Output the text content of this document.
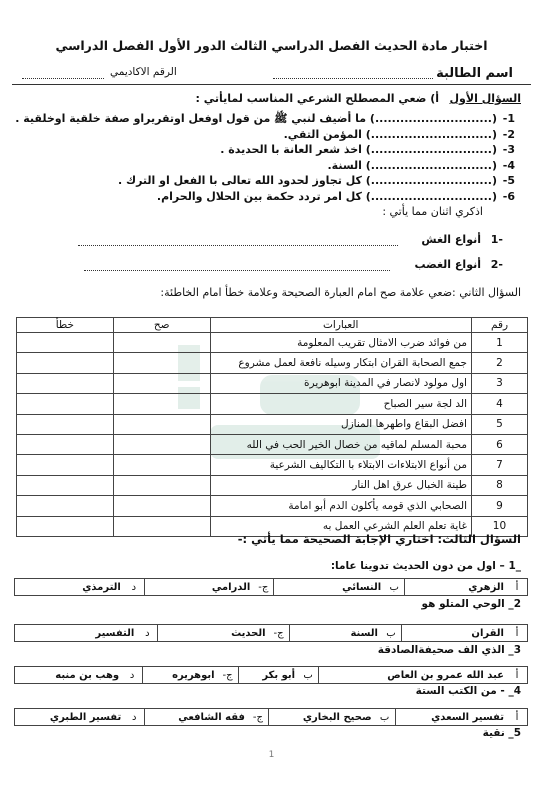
اختبار مادة الحديث الفصل الدراسي الثالث الدور الأول الفصل الدراسي
اسم الطالبة
الرقم الاكاديمي
السؤال الأول
أ) ضعي المصطلح الشرعي المناسب لمايأتي :
1-
(............................) ما أضيف لنبي ﷺ من قول اوفعل اوتقريراو صفة خلقية اوخلقية .
2-
(.............................) المؤمن التقي.
3-
(.............................) اخذ شعر العانة با الحديدة .
4-
(.............................) السنة.
5-
(.............................) كل تجاوز لحدود الله تعالى با الفعل او الترك .
6-
(.............................) كل امر تردد حكمة بين الحلال والحرام.
اذكري اثنان مما يأتي :
-1
أنواع الغش
-2
أنواع الغضب
السؤال الثاني :ضعي علامة صح امام العبارة الصحيحة وعلامة خطأ امام الخاطئة:
رقم	العبارات	صح	خطأ
1	من فوائد ضرب الامثال تقريب المعلومة		
2	جمع الصحابة القران ابتكار وسيله نافعة لعمل مشروع		
3	اول مولود لانصار في المدينة ابوهريرة		
4	الد لجة سير الصباح		
5	افضل البقاع واطهرها المنازل		
6	محبة المسلم لماقيه من خصال الخير الحب في الله		
7	من أنواع الابتلاءات الابتلاء با التكاليف الشرعية		
8	طينة الخبال عرق اهل النار		
9	الصحابي الذي قومه يأكلون الدم أبو امامة		
10	غاية تعلم العلم الشرعي العمل به		
السؤال الثالث: اختاري الإجابة الصحيحة مما يأتي :-
_1 – اول من دون الحديث تدوينا عاما:
أ	الزهري	ب	النسائي	ج-	الدرامي	د	الترمذي
2_ الوحي المتلو هو
أ	القران	ب	السنة	ج-	الحديث	د	التفسير
3_ الذي الف صحيفةالصادقة
أ	عبد الله عمرو بن العاص	ب	أبو بكر	ج-	ابوهريره	د	وهب بن منبه
4_ - من الكتب الستة
أ	تفسير السعدي	ب	صحيح البخاري	ج-	فقه الشافعي	د	تفسير الطبري
5_ نقية
1
